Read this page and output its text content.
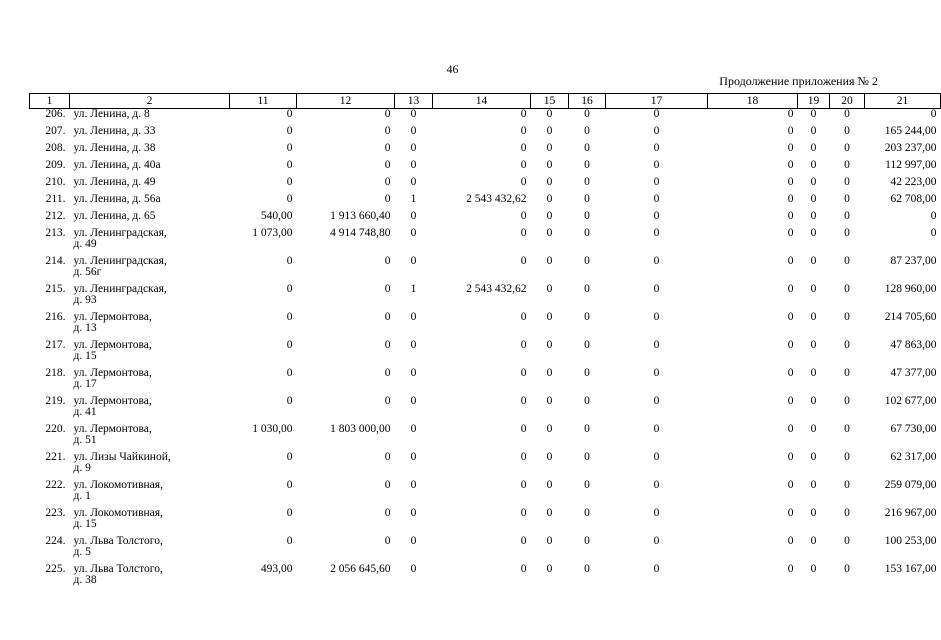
46
Продолжение приложения № 2
1	2	11	12	13	14	15	16	17	18	19	20	21
206.	ул. Ленина, д. 8	0	0	0	0	0	0	0	0	0	0	0
207.	ул. Ленина, д. 33	0	0	0	0	0	0	0	0	0	0	165 244,00
208.	ул. Ленина, д. 38	0	0	0	0	0	0	0	0	0	0	203 237,00
209.	ул. Ленина, д. 40а	0	0	0	0	0	0	0	0	0	0	112 997,00
210.	ул. Ленина, д. 49	0	0	0	0	0	0	0	0	0	0	42 223,00
211.	ул. Ленина, д. 56а	0	0	1	2 543 432,62	0	0	0	0	0	0	62 708,00
212.	ул. Ленина, д. 65	540,00	1 913 660,40	0	0	0	0	0	0	0	0	0
213.	ул. Ленинградская,
д. 49	1 073,00	4 914 748,80	0	0	0	0	0	0	0	0	0
214.	ул. Ленинградская,
д. 56г	0	0	0	0	0	0	0	0	0	0	87 237,00
215.	ул. Ленинградская,
д. 93	0	0	1	2 543 432,62	0	0	0	0	0	0	128 960,00
216.	ул. Лермонтова,
д. 13	0	0	0	0	0	0	0	0	0	0	214 705,60
217.	ул. Лермонтова,
д. 15	0	0	0	0	0	0	0	0	0	0	47 863,00
218.	ул. Лермонтова,
д. 17	0	0	0	0	0	0	0	0	0	0	47 377,00
219.	ул. Лермонтова,
д. 41	0	0	0	0	0	0	0	0	0	0	102 677,00
220.	ул. Лермонтова,
д. 51	1 030,00	1 803 000,00	0	0	0	0	0	0	0	0	67 730,00
221.	ул. Лизы Чайкиной,
д. 9	0	0	0	0	0	0	0	0	0	0	62 317,00
222.	ул. Локомотивная,
д. 1	0	0	0	0	0	0	0	0	0	0	259 079,00
223.	ул. Локомотивная,
д. 15	0	0	0	0	0	0	0	0	0	0	216 967,00
224.	ул. Льва Толстого,
д. 5	0	0	0	0	0	0	0	0	0	0	100 253,00
225.	ул. Льва Толстого,
д. 38	493,00	2 056 645,60	0	0	0	0	0	0	0	0	153 167,00
